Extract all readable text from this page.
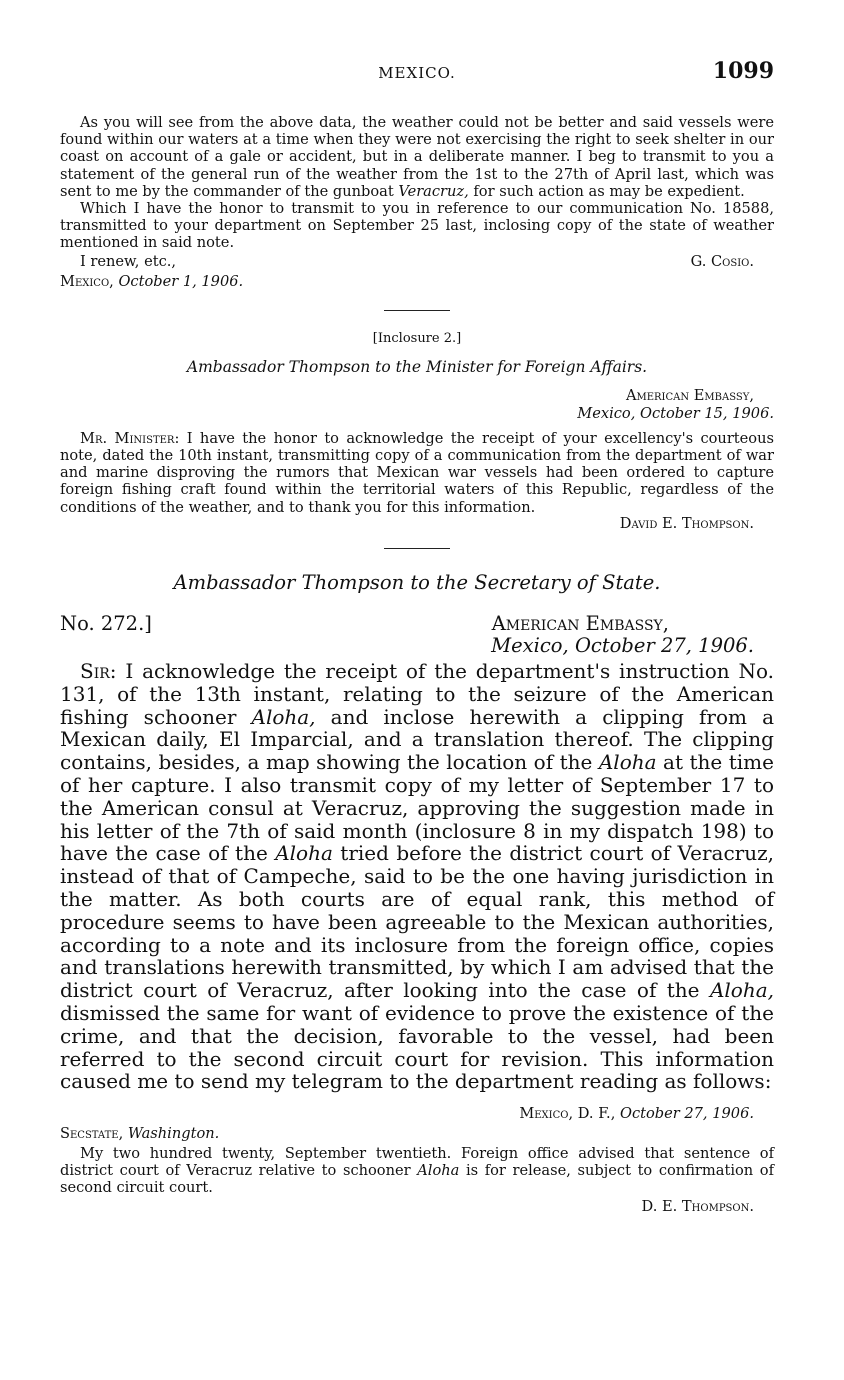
MEXICO.	1099

As you will see from the above data, the weather could not be better and said vessels were found within our waters at a time when they were not exercising the right to seek shelter in our coast on account of a gale or accident, but in a deliberate manner. I beg to transmit to you a statement of the general run of the weather from the 1st to the 27th of April last, which was sent to me by the commander of the gunboat Veracruz, for such action as may be expedient.

Which I have the honor to transmit to you in reference to our communication No. 18588, transmitted to your department on September 25 last, inclosing copy of the state of weather mentioned in said note.

I renew, etc.,	G. Cosio.
Mexico, October 1, 1906.
[Inclosure 2.]
Ambassador Thompson to the Minister for Foreign Affairs.
American Embassy,
Mexico, October 15, 1906.

Mr. Minister: I have the honor to acknowledge the receipt of your excellency's courteous note, dated the 10th instant, transmitting copy of a communication from the department of war and marine disproving the rumors that Mexican war vessels had been ordered to capture foreign fishing craft found within the territorial waters of this Republic, regardless of the conditions of the weather, and to thank you for this information.

David E. Thompson.
Ambassador Thompson to the Secretary of State.
No. 272.]	American Embassy,
Mexico, October 27, 1906.

Sir: I acknowledge the receipt of the department's instruction No. 131, of the 13th instant, relating to the seizure of the American fishing schooner Aloha, and inclose herewith a clipping from a Mexican daily, El Imparcial, and a translation thereof. The clipping contains, besides, a map showing the location of the Aloha at the time of her capture. I also transmit copy of my letter of September 17 to the American consul at Veracruz, approving the suggestion made in his letter of the 7th of said month (inclosure 8 in my dispatch 198) to have the case of the Aloha tried before the district court of Veracruz, instead of that of Campeche, said to be the one having jurisdiction in the matter. As both courts are of equal rank, this method of procedure seems to have been agreeable to the Mexican authorities, according to a note and its inclosure from the foreign office, copies and translations herewith transmitted, by which I am advised that the district court of Veracruz, after looking into the case of the Aloha, dismissed the same for want of evidence to prove the existence of the crime, and that the decision, favorable to the vessel, had been referred to the second circuit court for revision. This information caused me to send my telegram to the department reading as follows:

Mexico, D. F., October 27, 1906.
Secstate, Washington.

My two hundred twenty, September twentieth. Foreign office advised that sentence of district court of Veracruz relative to schooner Aloha is for release, subject to confirmation of second circuit court.

D. E. Thompson.
